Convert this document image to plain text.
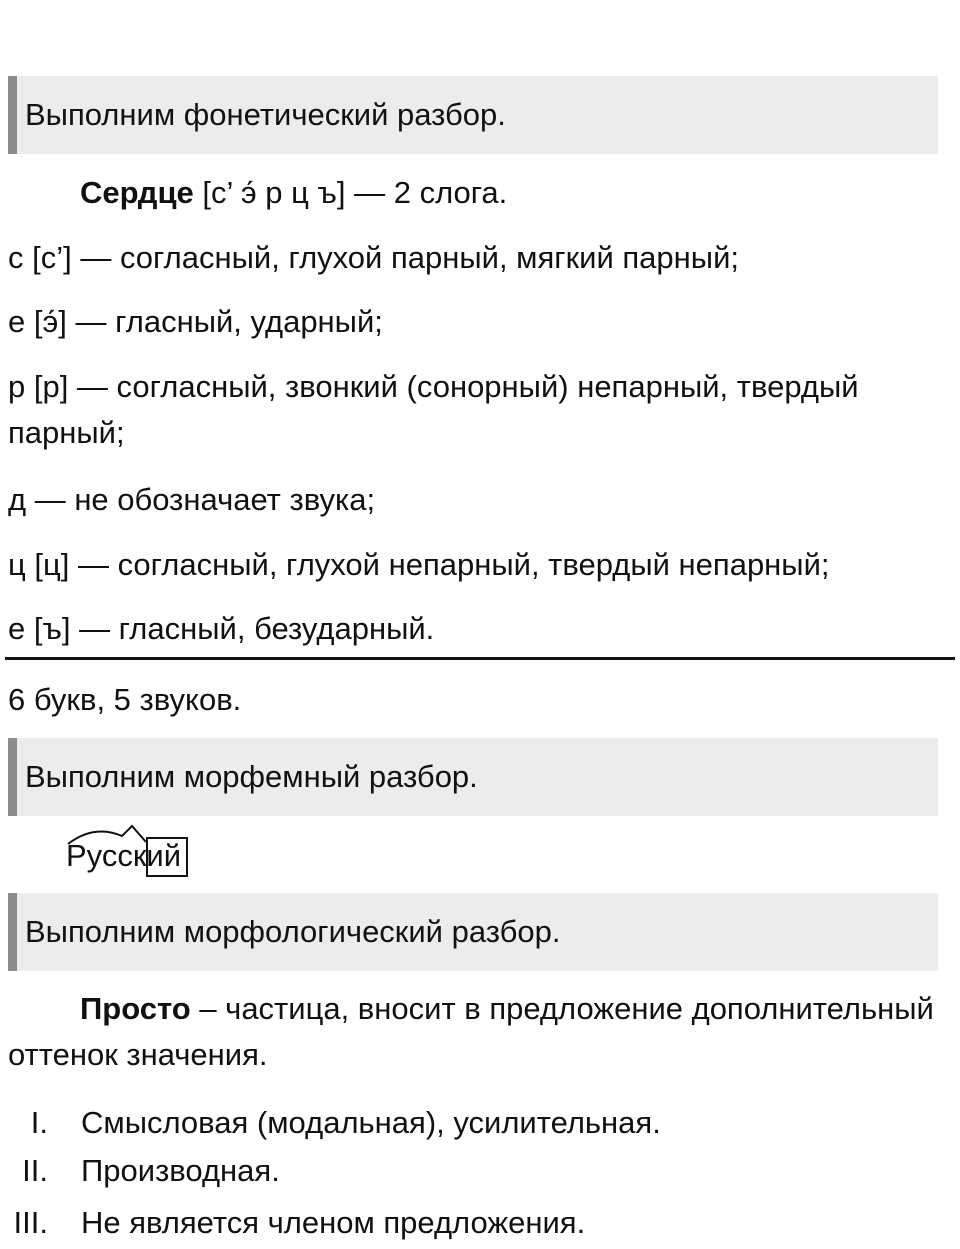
Выполним фонетический разбор.
Сердце [с’ э́ р ц ъ] — 2 слога.
с [с’] — согласный, глухой парный, мягкий парный;
е [э́] — гласный, ударный;
р [р] — согласный, звонкий (сонорный) непарный, твердый парный;
д — не обозначает звука;
ц [ц] — согласный, глухой непарный, твердый непарный;
е [ъ] — гласный, безударный.
6 букв, 5 звуков.
Выполним морфемный разбор.
Русский
Выполним морфологический разбор.
Просто – частица, вносит в предложение дополнительный оттенок значения.
I. Смысловая (модальная), усилительная.
II. Производная.
III. Не является членом предложения.
